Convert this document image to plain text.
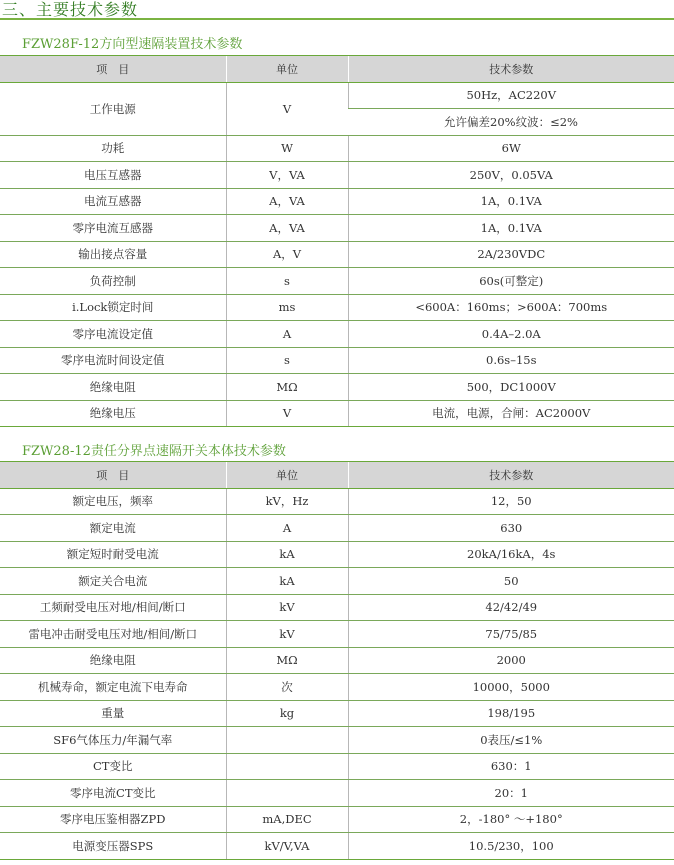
三、主要技术参数
FZW28F-12方向型速隔装置技术参数
项　目	单位	技术参数
工作电源	V	50Hz，AC220V
		允许偏差20%纹波：≤2%
功耗	W	6W
电压互感器	V，VA	250V，0.05VA
电流互感器	A，VA	1A，0.1VA
零序电流互感器	A，VA	1A，0.1VA
输出接点容量	A，V	2A/230VDC
负荷控制	s	60s(可整定)
i.Lock锁定时间	ms	<600A：160ms；>600A：700ms
零序电流设定值	A	0.4A–2.0A
零序电流时间设定值	s	0.6s–15s
绝缘电阻	MΩ	500，DC1000V
绝缘电压	V	电流，电源，合闸：AC2000V
FZW28-12责任分界点速隔开关本体技术参数
项　目	单位	技术参数
额定电压，频率	kV，Hz	12，50
额定电流	A	630
额定短时耐受电流	kA	20kA/16kA，4s
额定关合电流	kA	50
工频耐受电压对地/相间/断口	kV	42/42/49
雷电冲击耐受电压对地/相间/断口	kV	75/75/85
绝缘电阻	MΩ	2000
机械寿命，额定电流下电寿命	次	10000，5000
重量	kg	198/195
SF6气体压力/年漏气率		0表压/≤1%
CT变比		630：1
零序电流CT变比		20：1
零序电压鉴相器ZPD	mA,DEC	2，-180° ～+180°
电源变压器SPS	kV/V,VA	10.5/230，100
